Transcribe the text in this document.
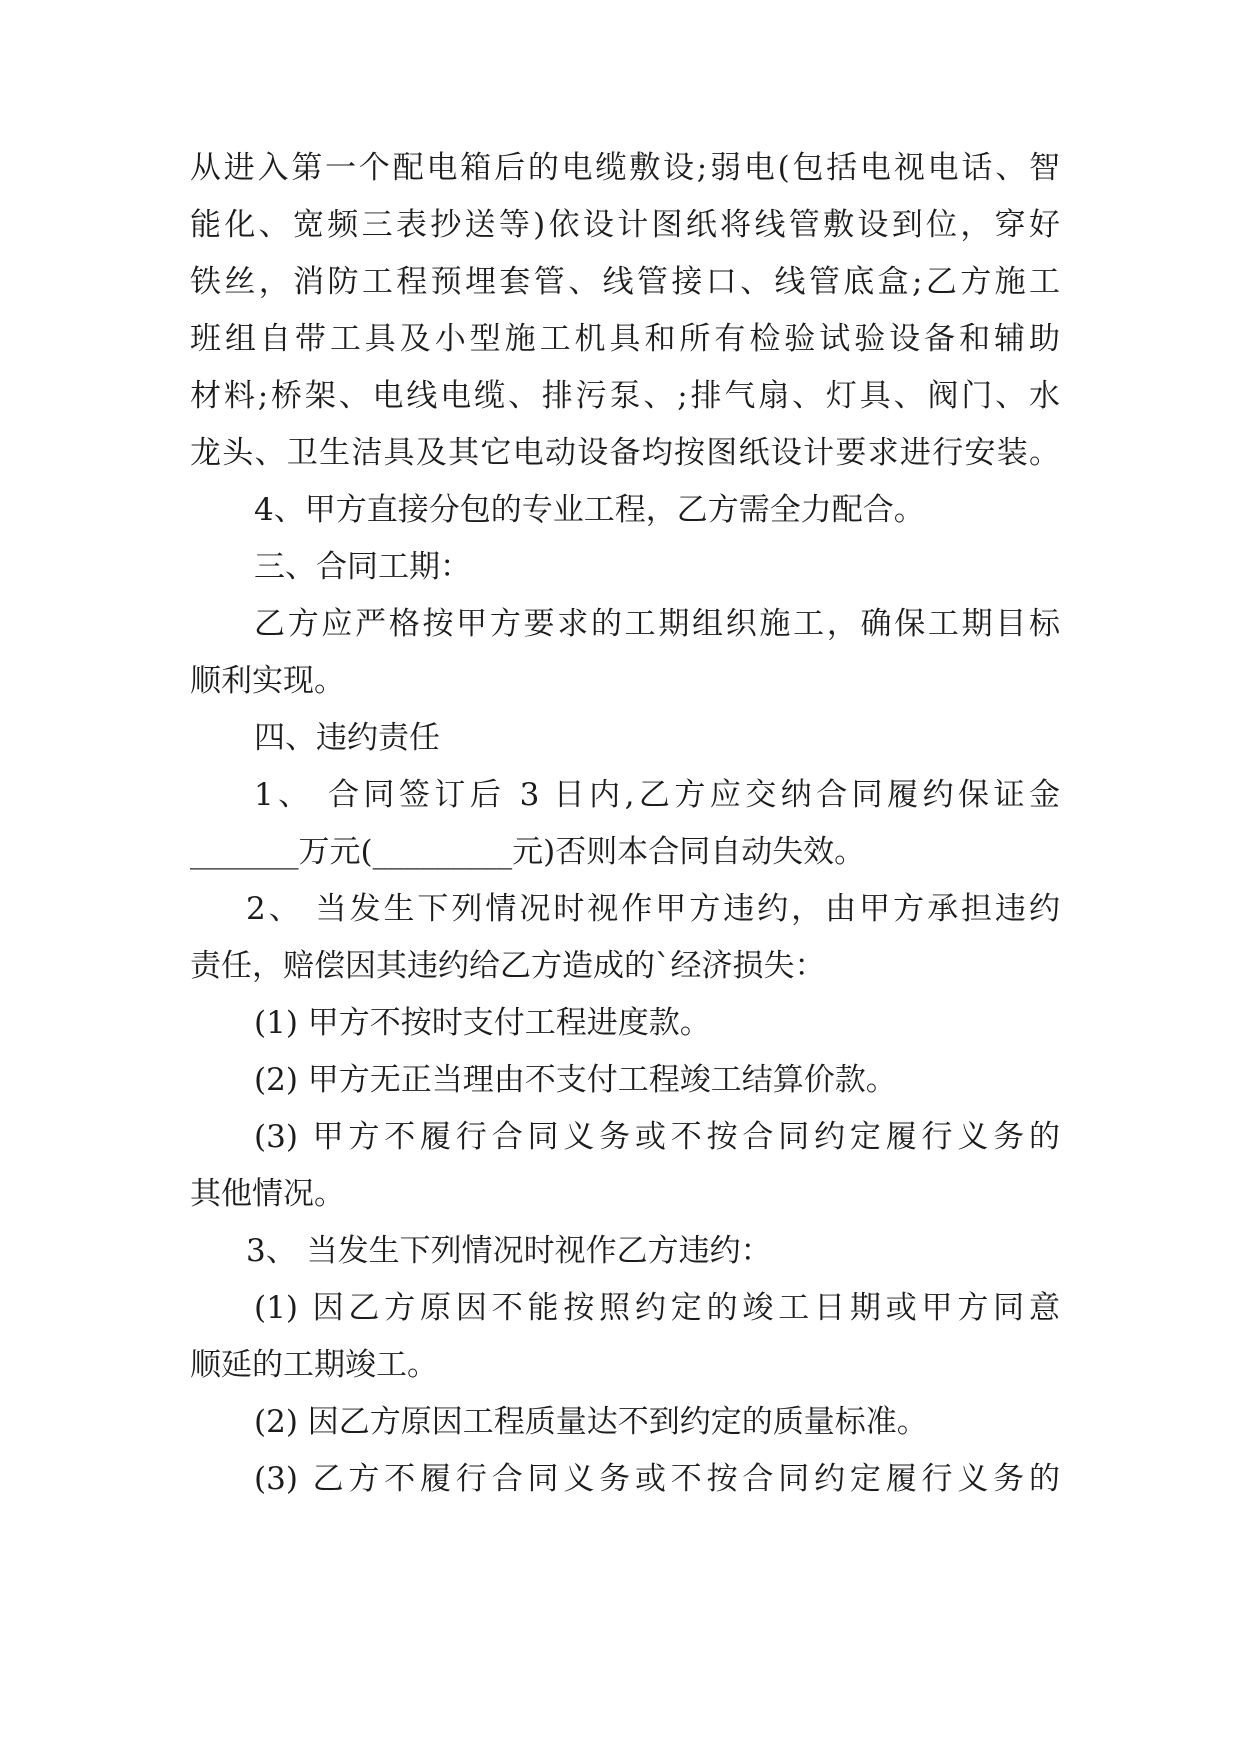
从进入第一个配电箱后的电缆敷设;弱电(包括电视电话、智

能化、宽频三表抄送等)依设计图纸将线管敷设到位，穿好

铁丝，消防工程预埋套管、线管接口、线管底盒;乙方施工

班组自带工具及小型施工机具和所有检验试验设备和辅助

材料;桥架、电线电缆、排污泵、;排气扇、灯具、阀门、水

龙头、卫生洁具及其它电动设备均按图纸设计要求进行安装。

4、甲方直接分包的专业工程，乙方需全力配合。

三、合同工期：

乙方应严格按甲方要求的工期组织施工，确保工期目标

顺利实现。

四、违约责任

1、 合同签订后 3 日内,乙方应交纳合同履约保证金

_______万元(_________元)否则本合同自动失效。

2、 当发生下列情况时视作甲方违约，由甲方承担违约

责任，赔偿因其违约给乙方造成的`经济损失：

(1) 甲方不按时支付工程进度款。

(2) 甲方无正当理由不支付工程竣工结算价款。

(3) 甲方不履行合同义务或不按合同约定履行义务的

其他情况。

3、 当发生下列情况时视作乙方违约：

(1) 因乙方原因不能按照约定的竣工日期或甲方同意

顺延的工期竣工。

(2) 因乙方原因工程质量达不到约定的质量标准。

(3) 乙方不履行合同义务或不按合同约定履行义务的
